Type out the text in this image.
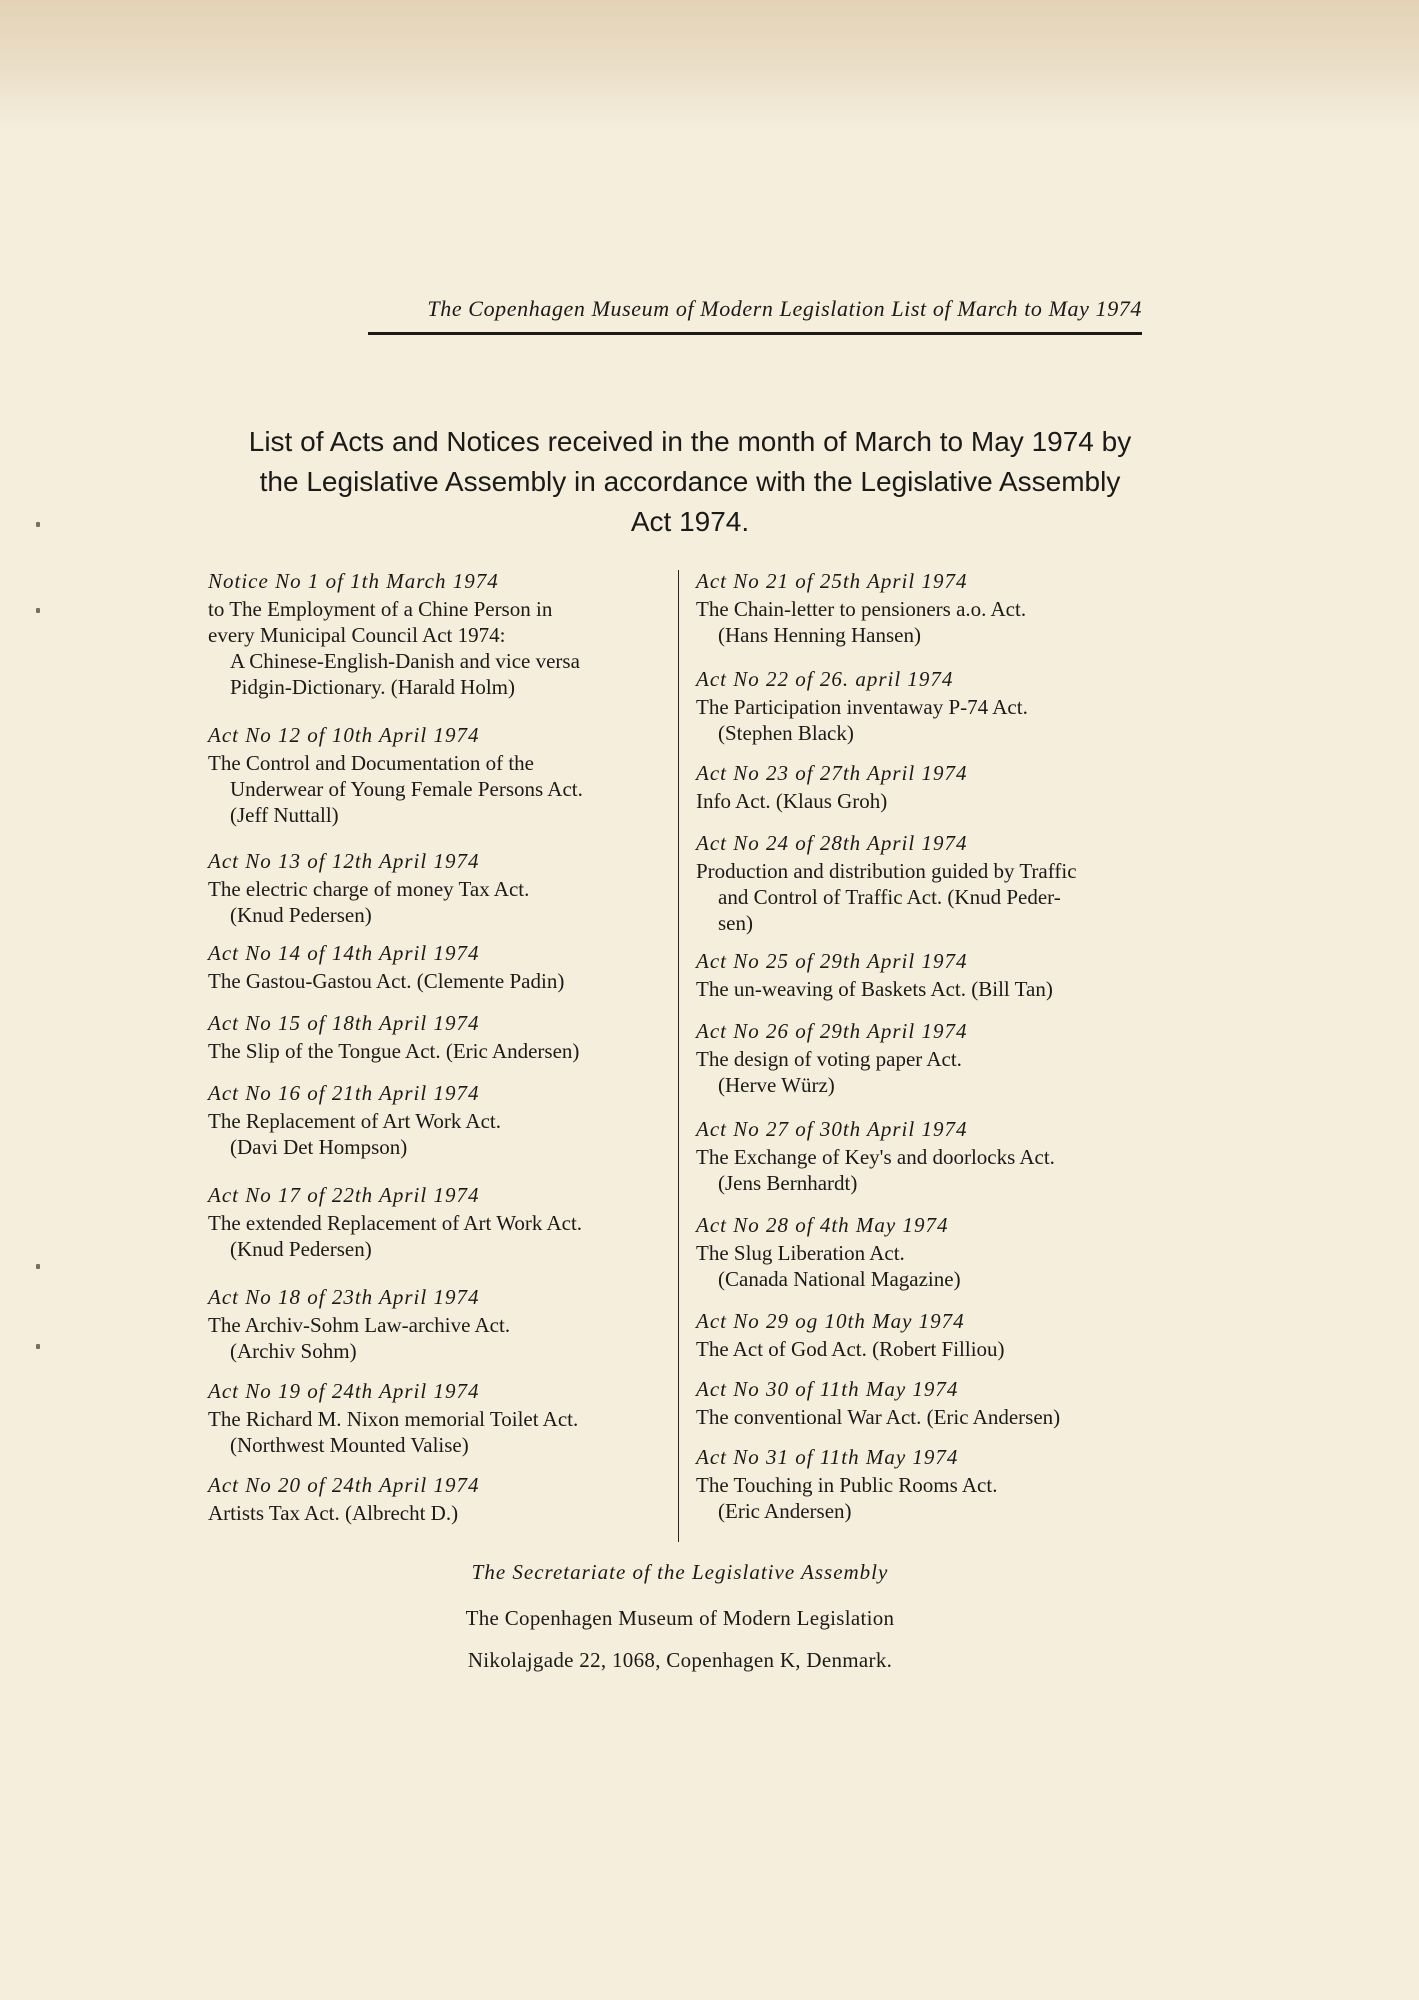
The Copenhagen Museum of Modern Legislation List of March to May 1974
List of Acts and Notices received in the month of March to May 1974 by
the Legislative Assembly in accordance with the Legislative Assembly
Act 1974.
Notice No 1 of 1th March 1974
to The Employment of a Chine Person in
every Municipal Council Act 1974:
A Chinese-English-Danish and vice versa
Pidgin-Dictionary. (Harald Holm)
Act No 12 of 10th April 1974
The Control and Documentation of the
Underwear of Young Female Persons Act.
(Jeff Nuttall)
Act No 13 of 12th April 1974
The electric charge of money Tax Act.
(Knud Pedersen)
Act No 14 of 14th April 1974
The Gastou-Gastou Act. (Clemente Padin)
Act No 15 of 18th April 1974
The Slip of the Tongue Act. (Eric Andersen)
Act No 16 of 21th April 1974
The Replacement of Art Work Act.
(Davi Det Hompson)
Act No 17 of 22th April 1974
The extended Replacement of Art Work Act.
(Knud Pedersen)
Act No 18 of 23th April 1974
The Archiv-Sohm Law-archive Act.
(Archiv Sohm)
Act No 19 of 24th April 1974
The Richard M. Nixon memorial Toilet Act.
(Northwest Mounted Valise)
Act No 20 of 24th April 1974
Artists Tax Act. (Albrecht D.)
Act No 21 of 25th April 1974
The Chain-letter to pensioners a.o. Act.
(Hans Henning Hansen)
Act No 22 of 26. april 1974
The Participation inventaway P-74 Act.
(Stephen Black)
Act No 23 of 27th April 1974
Info Act. (Klaus Groh)
Act No 24 of 28th April 1974
Production and distribution guided by Traffic
and Control of Traffic Act. (Knud Peder-
sen)
Act No 25 of 29th April 1974
The un-weaving of Baskets Act. (Bill Tan)
Act No 26 of 29th April 1974
The design of voting paper Act.
(Herve Würz)
Act No 27 of 30th April 1974
The Exchange of Key's and doorlocks Act.
(Jens Bernhardt)
Act No 28 of 4th May 1974
The Slug Liberation Act.
(Canada National Magazine)
Act No 29 og 10th May 1974
The Act of God Act. (Robert Filliou)
Act No 30 of 11th May 1974
The conventional War Act. (Eric Andersen)
Act No 31 of 11th May 1974
The Touching in Public Rooms Act.
(Eric Andersen)
The Secretariate of the Legislative Assembly
The Copenhagen Museum of Modern Legislation
Nikolajgade 22, 1068, Copenhagen K, Denmark.
